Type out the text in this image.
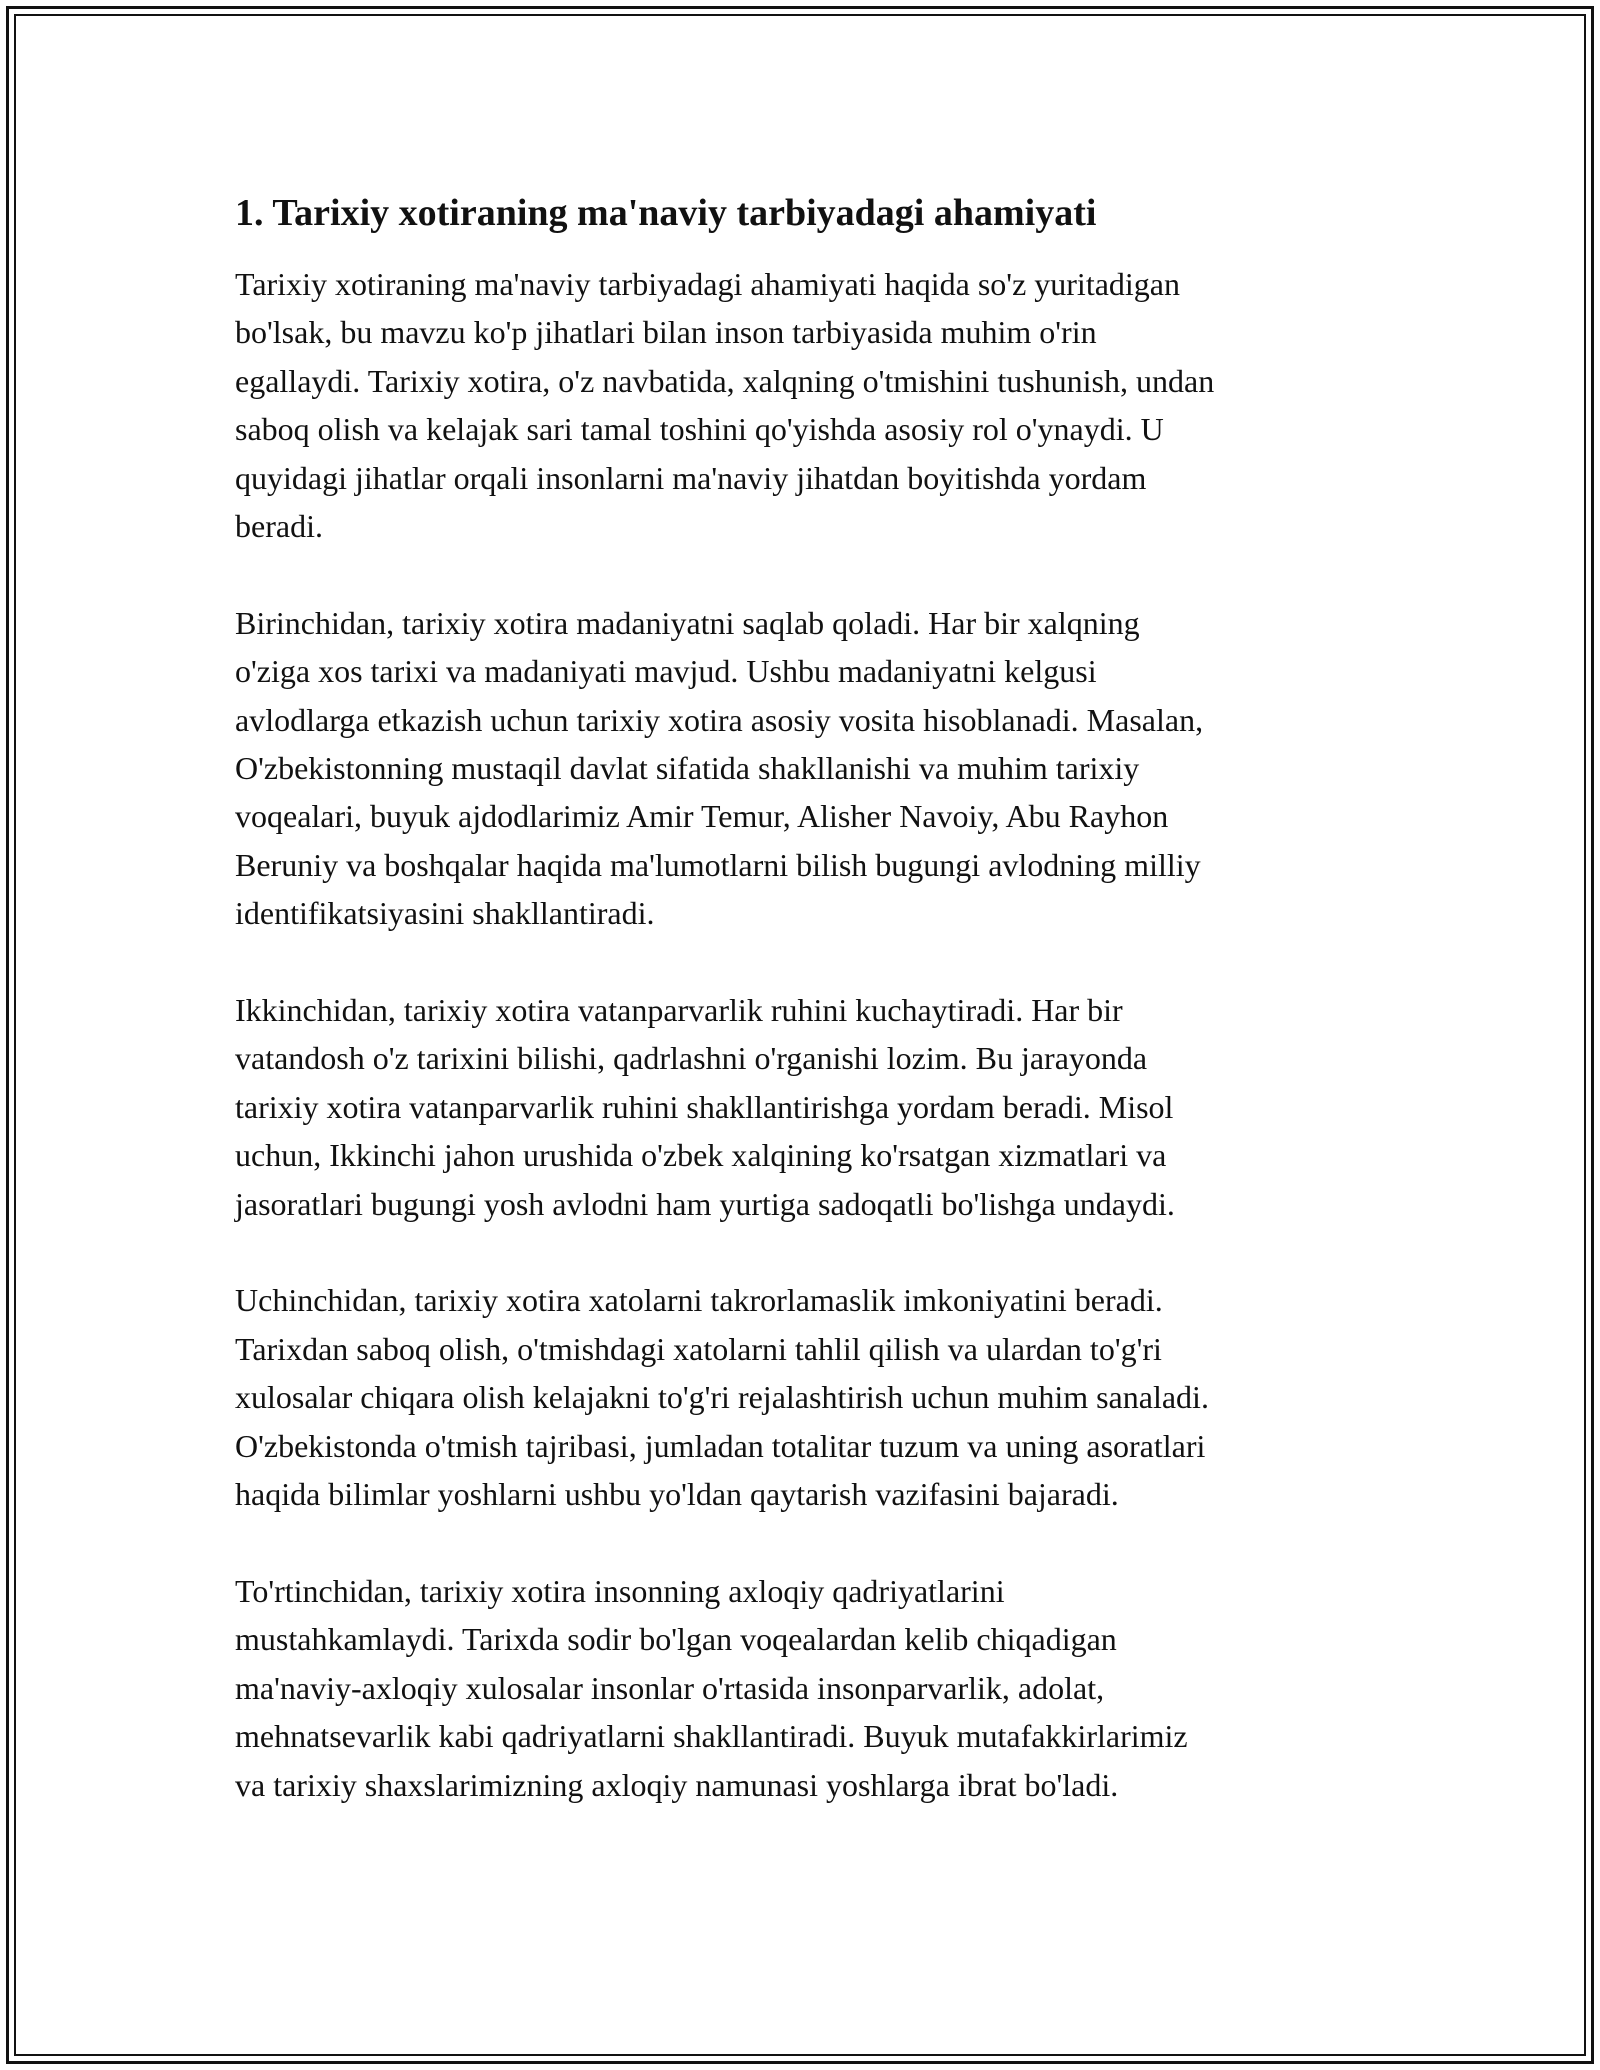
1. Tarixiy xotiraning ma'naviy tarbiyadagi ahamiyati

Tarixiy xotiraning ma'naviy tarbiyadagi ahamiyati haqida so'z yuritadigan
bo'lsak, bu mavzu ko'p jihatlari bilan inson tarbiyasida muhim o'rin
egallaydi. Tarixiy xotira, o'z navbatida, xalqning o'tmishini tushunish, undan
saboq olish va kelajak sari tamal toshini qo'yishda asosiy rol o'ynaydi. U
quyidagi jihatlar orqali insonlarni ma'naviy jihatdan boyitishda yordam
beradi.

Birinchidan, tarixiy xotira madaniyatni saqlab qoladi. Har bir xalqning
o'ziga xos tarixi va madaniyati mavjud. Ushbu madaniyatni kelgusi
avlodlarga etkazish uchun tarixiy xotira asosiy vosita hisoblanadi. Masalan,
O'zbekistonning mustaqil davlat sifatida shakllanishi va muhim tarixiy
voqealari, buyuk ajdodlarimiz Amir Temur, Alisher Navoiy, Abu Rayhon
Beruniy va boshqalar haqida ma'lumotlarni bilish bugungi avlodning milliy
identifikatsiyasini shakllantiradi.

Ikkinchidan, tarixiy xotira vatanparvarlik ruhini kuchaytiradi. Har bir
vatandosh o'z tarixini bilishi, qadrlashni o'rganishi lozim. Bu jarayonda
tarixiy xotira vatanparvarlik ruhini shakllantirishga yordam beradi. Misol
uchun, Ikkinchi jahon urushida o'zbek xalqining ko'rsatgan xizmatlari va
jasoratlari bugungi yosh avlodni ham yurtiga sadoqatli bo'lishga undaydi.

Uchinchidan, tarixiy xotira xatolarni takrorlamaslik imkoniyatini beradi.
Tarixdan saboq olish, o'tmishdagi xatolarni tahlil qilish va ulardan to'g'ri
xulosalar chiqara olish kelajakni to'g'ri rejalashtirish uchun muhim sanaladi.
O'zbekistonda o'tmish tajribasi, jumladan totalitar tuzum va uning asoratlari
haqida bilimlar yoshlarni ushbu yo'ldan qaytarish vazifasini bajaradi.

To'rtinchidan, tarixiy xotira insonning axloqiy qadriyatlarini
mustahkamlaydi. Tarixda sodir bo'lgan voqealardan kelib chiqadigan
ma'naviy-axloqiy xulosalar insonlar o'rtasida insonparvarlik, adolat,
mehnatsevarlik kabi qadriyatlarni shakllantiradi. Buyuk mutafakkirlarimiz
va tarixiy shaxslarimizning axloqiy namunasi yoshlarga ibrat bo'ladi.
